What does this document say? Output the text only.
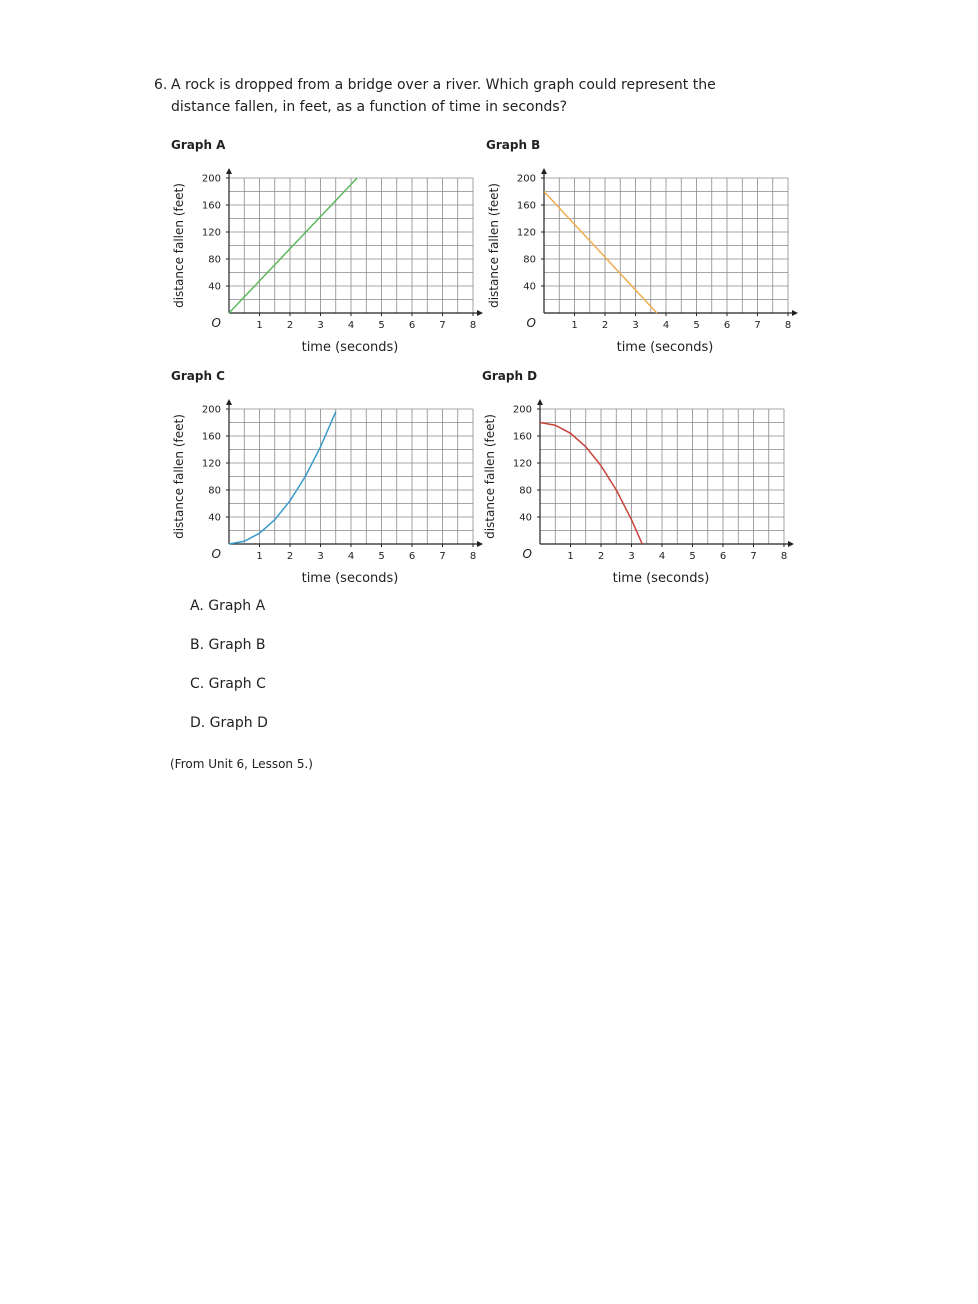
6. A rock is dropped from a bridge over a river. Which graph could represent the distance fallen, in feet, as a function of time in seconds?
Graph A	Graph B
Graph C	Graph D
1 2 3 4 5 6 7 8
40
80
120
160
200
O
time (seconds)
distance fallen (feet)
1 2 3 4 5 6 7 8
40
80
120
160
200
O
time (seconds)
distance fallen (feet)
1 2 3 4 5 6 7 8
40
80
120
160
200
O
time (seconds)
distance fallen (feet)
1 2 3 4 5 6 7 8
40
80
120
160
200
O
time (seconds)
distance fallen (feet)
A. Graph A
B. Graph B
C. Graph C
D. Graph D
(From Unit 6, Lesson 5.)
